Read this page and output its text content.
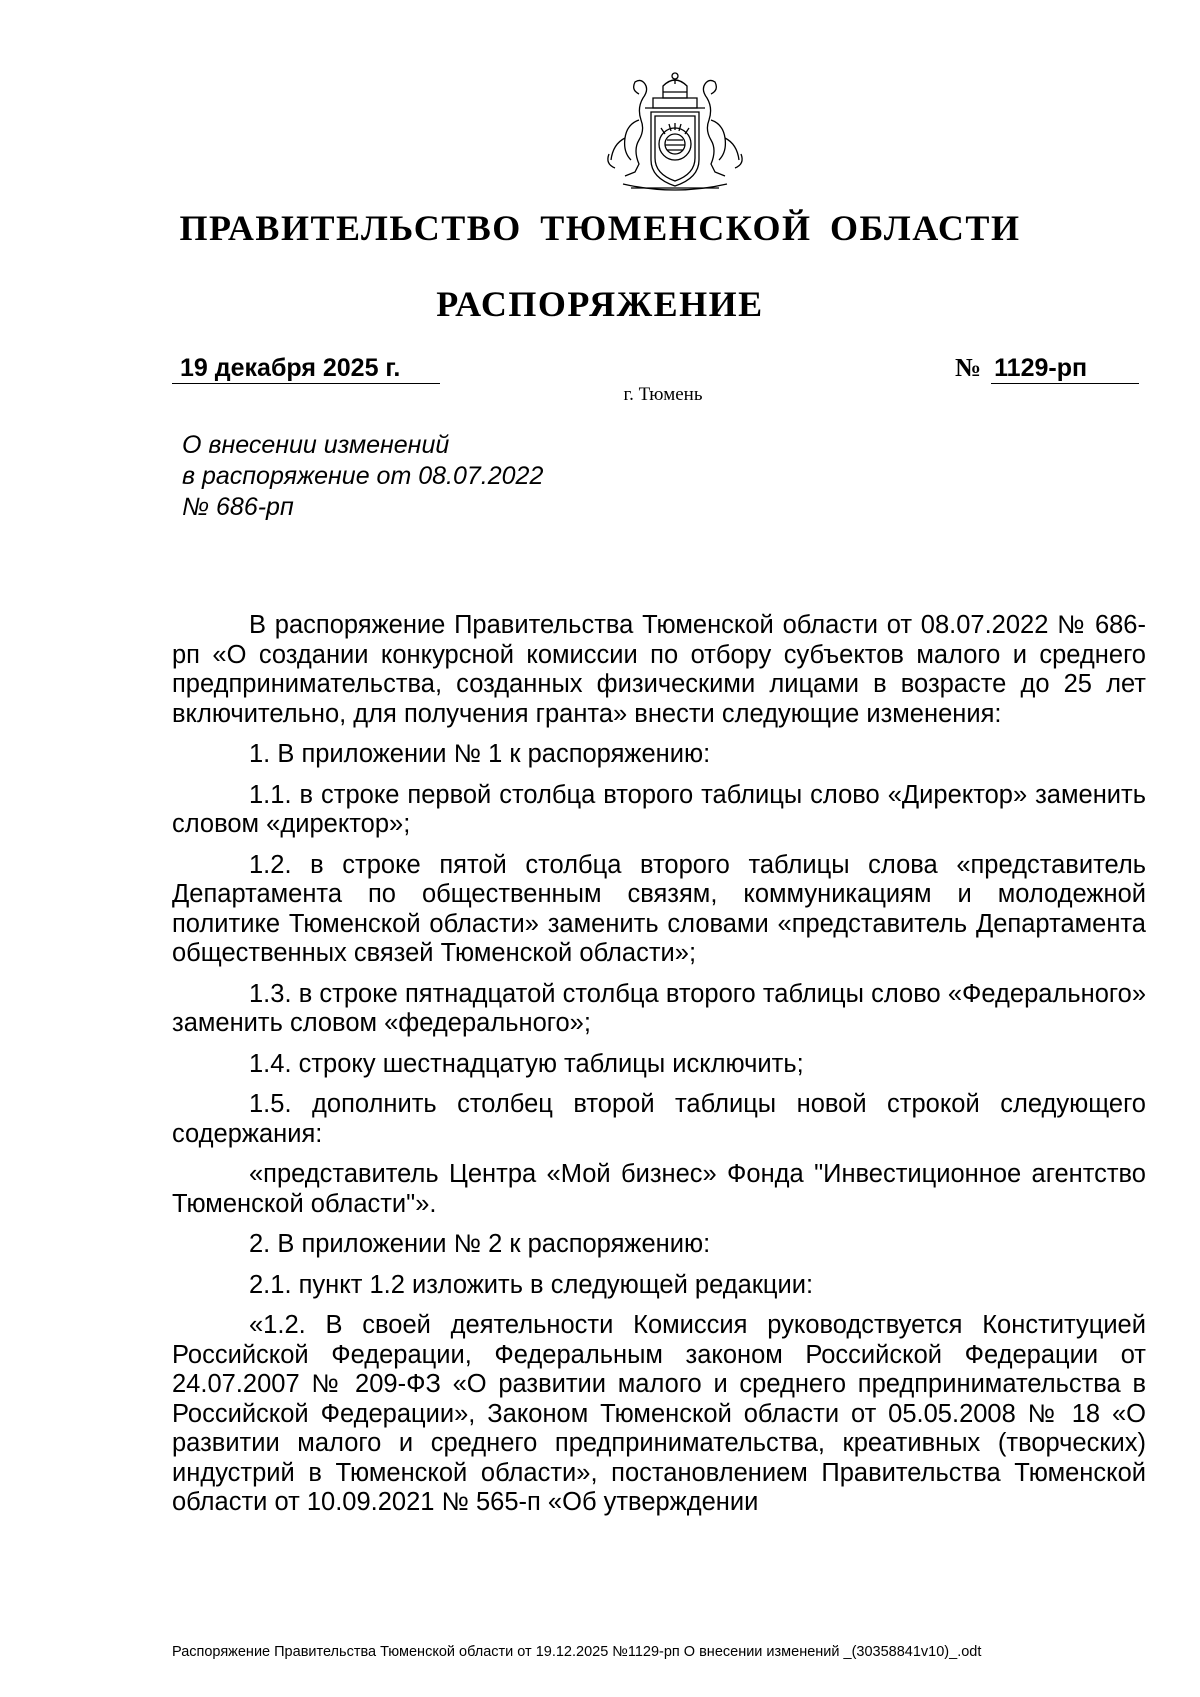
ПРАВИТЕЛЬСТВО ТЮМЕНСКОЙ ОБЛАСТИ
РАСПОРЯЖЕНИЕ
19 декабря 2025 г.	№ 1129-рп
г. Тюмень
О внесении изменений
в распоряжение от 08.07.2022
№ 686-рп

В распоряжение Правительства Тюменской области от 08.07.2022 № 686-рп «О создании конкурсной комиссии по отбору субъектов малого и среднего предпринимательства, созданных физическими лицами в возрасте до 25 лет включительно, для получения гранта» внести следующие изменения:

1. В приложении № 1 к распоряжению:

1.1. в строке первой столбца второго таблицы слово «Директор» заменить словом «директор»;

1.2. в строке пятой столбца второго таблицы слова «представитель Департамента по общественным связям, коммуникациям и молодежной политике Тюменской области» заменить словами «представитель Департамента общественных связей Тюменской области»;

1.3. в строке пятнадцатой столбца второго таблицы слово «Федерального» заменить словом «федерального»;

1.4. строку шестнадцатую таблицы исключить;

1.5. дополнить столбец второй таблицы новой строкой следующего содержания:

«представитель Центра «Мой бизнес» Фонда "Инвестиционное агентство Тюменской области"».

2. В приложении № 2 к распоряжению:

2.1. пункт 1.2 изложить в следующей редакции:

«1.2. В своей деятельности Комиссия руководствуется Конституцией Российской Федерации, Федеральным законом Российской Федерации от 24.07.2007 № 209-ФЗ «О развитии малого и среднего предпринимательства в Российской Федерации», Законом Тюменской области от 05.05.2008 № 18 «О развитии малого и среднего предпринимательства, креативных (творческих) индустрий в Тюменской области», постановлением Правительства Тюменской области от 10.09.2021 № 565-п «Об утверждении

Распоряжение Правительства Тюменской области от 19.12.2025 №1129-рп О внесении изменений _(30358841v10)_.odt
